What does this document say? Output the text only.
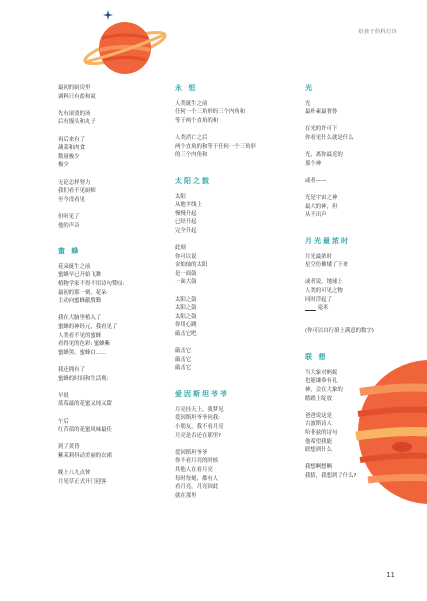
给孩子的科幻诗
11
最初的厨房里
调料只有盐和氦

先有滚烫的汤
后有馒头和丸子

再后来有了
蔬菜和肉食
数量极少
极少

无论怎样努力
我们看不见厨师
至今没看见

但听见了
他的声音
蜜 蜂
花朵诞生之前
蜜蜂早已开始飞舞
植物学家不得不用诗句赞叹:
最初的那一刻，花朵
主动向蜜蜂献殷勤

我在大脑里植入了
蜜蜂的神经元，我看见了
人类看不见的蜜蜂
看得见的色彩: 蜜蜂紫
蜜蜂黑、蜜蜂白……

我还拥有了
蜜蜂的时间和生活观:

早晨
蓝莓最的花蜜又纯又甜

午后
红苜蓿的花蜜风味最佳

到了黄昏
紫茉莉抖动美丽的衣裙

晚上八九点钟
月见草正式开门迎客
永 恒
人类诞生之前
任何一个三角形的三个内角和
等于两个直角的和

人类消亡之后
两个直角的和等于任何一个三角形
的三个内角和
太阳之鼓
太阳
从地平线上
慢慢升起
已经升起
完全升起

此刻
你可以说
金灿灿的太阳
是一面鼓
一面大鼓

太阳之鼓
太阳之鼓
太阳之鼓
你用心跳
敲击它吧

敲击它
敲击它
敲击它
爱因斯坦爷爷
月亮挂天上，我梦见
爱因斯坦爷爷问我:
小朋友，我不看月亮
月亮是否还在那里?

爱因斯坦爷爷
你不看月亮的时候
其他人在看月亮
每时每刻，都有人
看月亮，月亮因此
就在那里
光
光
最朴素最奢侈

在光的许可下
你看见什么就是什么

光，离你最近的
那个神

或者——

光是宇宙之神
最大的神，但
从不出声
月光最浓时
月光最浓时
星空仿佛矮了下来

或者说，地球上
人类的可见之物
同时浮起了
____ 毫米
(你可以自行填上满意的数字)
联 想
当大象对蚂蚁
也能谦恭有礼
神，会在大象的
踏踏上绽放

爸爸说这是
古波斯诗人
哈菲兹的诗句
他希望我能
联想到什么

我想啊想啊
我猜，我想到了什么?
